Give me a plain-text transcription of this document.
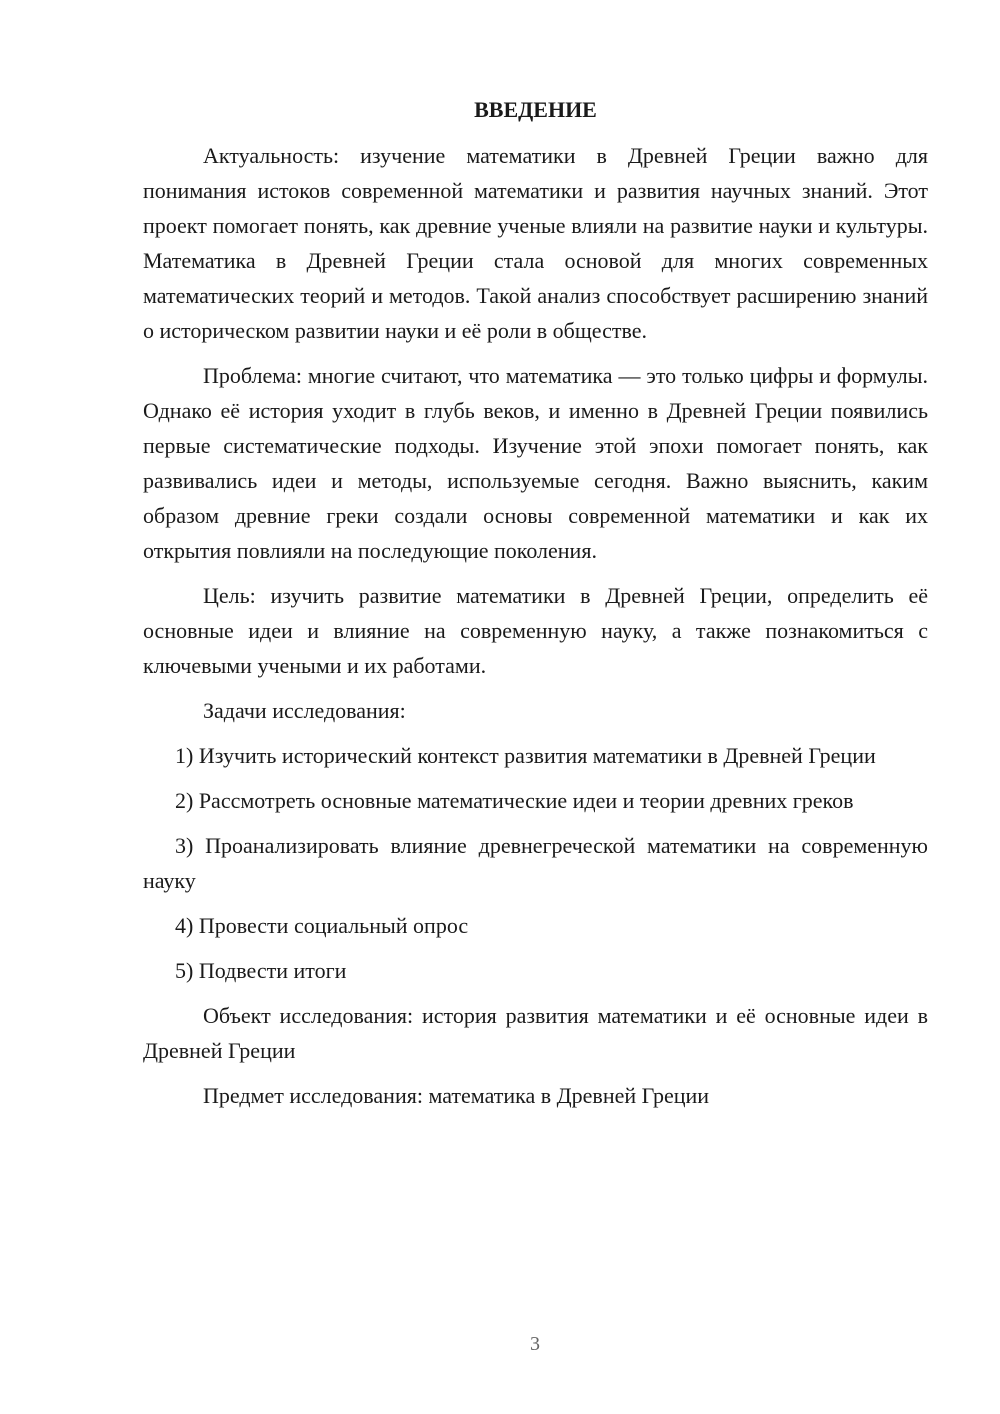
ВВЕДЕНИЕ

Актуальность: изучение математики в Древней Греции важно для понимания истоков современной математики и развития научных знаний. Этот проект помогает понять, как древние ученые влияли на развитие науки и культуры. Математика в Древней Греции стала основой для многих современных математических теорий и методов. Такой анализ способствует расширению знаний о историческом развитии науки и её роли в обществе.

Проблема: многие считают, что математика — это только цифры и формулы. Однако её история уходит в глубь веков, и именно в Древней Греции появились первые систематические подходы. Изучение этой эпохи помогает понять, как развивались идеи и методы, используемые сегодня. Важно выяснить, каким образом древние греки создали основы современной математики и как их открытия повлияли на последующие поколения.

Цель: изучить развитие математики в Древней Греции, определить её основные идеи и влияние на современную науку, а также познакомиться с ключевыми учеными и их работами.

Задачи исследования:

1) Изучить исторический контекст развития математики в Древней Греции

2) Рассмотреть основные математические идеи и теории древних греков

3) Проанализировать влияние древнегреческой математики на современную науку

4) Провести социальный опрос

5) Подвести итоги

Объект исследования: история развития математики и её основные идеи в Древней Греции

Предмет исследования: математика в Древней Греции

3
